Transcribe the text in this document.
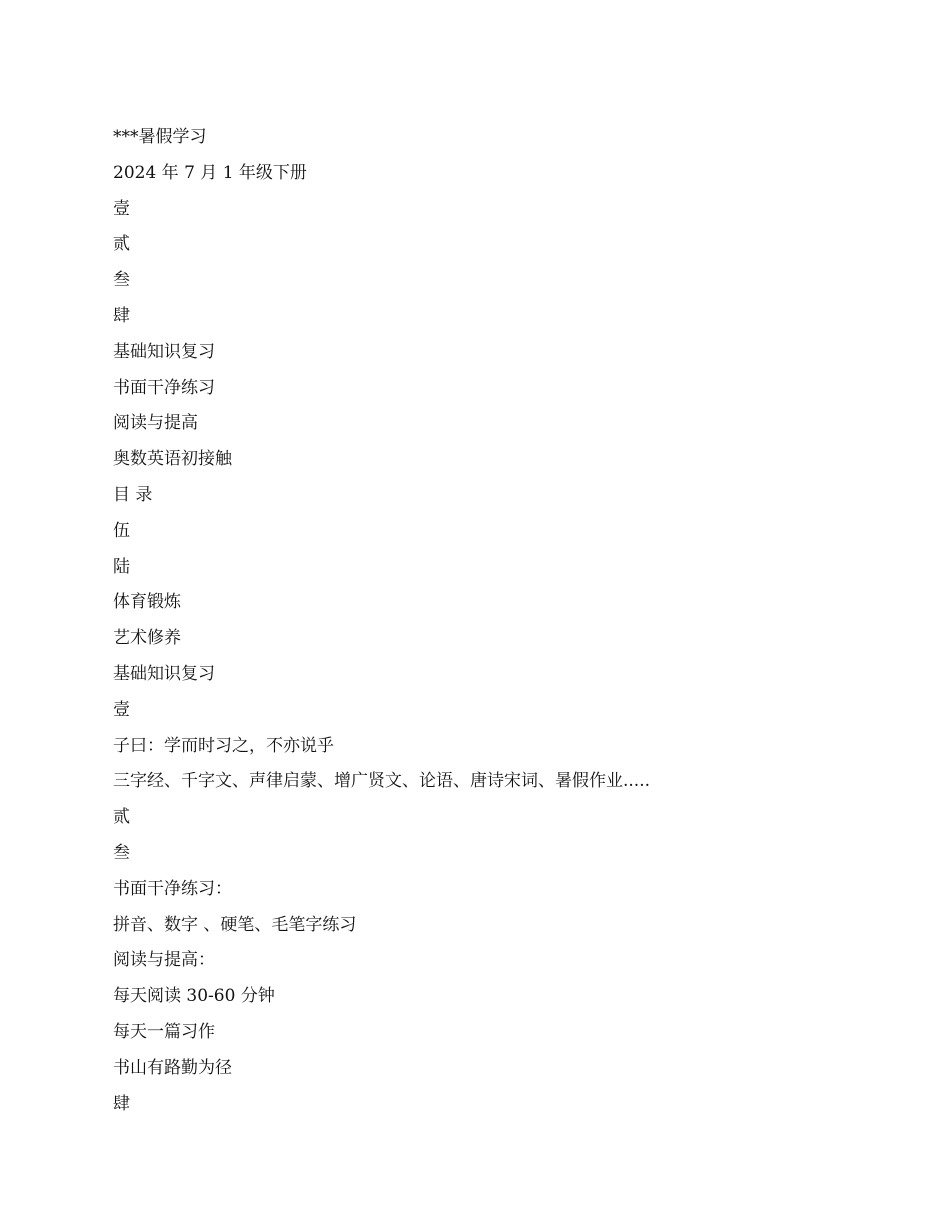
***暑假学习
2024 年 7 月 1 年级下册
壹
贰
叁
肆
基础知识复习
书面干净练习
阅读与提高
奥数英语初接触
目 录
伍
陆
体育锻炼
艺术修养
基础知识复习
壹
子曰：学而时习之，不亦说乎
三字经、千字文、声律启蒙、增广贤文、论语、唐诗宋词、暑假作业.....
贰
叁
书面干净练习：
拼音、数字 、硬笔、毛笔字练习
阅读与提高：
每天阅读 30-60 分钟
每天一篇习作
书山有路勤为径
肆
